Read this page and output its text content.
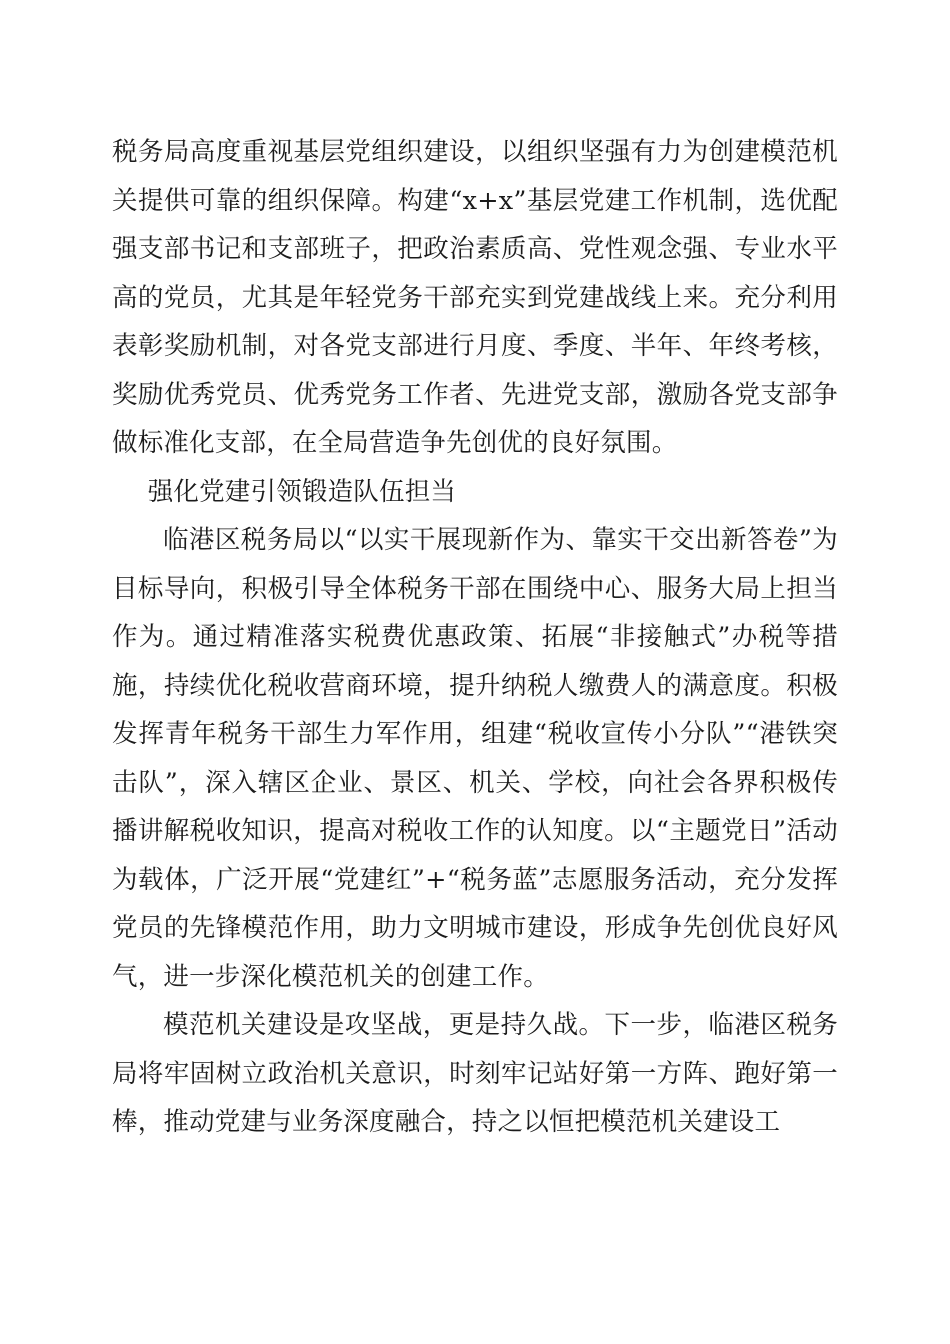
税务局高度重视基层党组织建设，以组织坚强有力为创建模范机关提供可靠的组织保障。构建“x+x”基层党建工作机制，选优配强支部书记和支部班子，把政治素质高、党性观念强、专业水平高的党员，尤其是年轻党务干部充实到党建战线上来。充分利用表彰奖励机制，对各党支部进行月度、季度、半年、年终考核，奖励优秀党员、优秀党务工作者、先进党支部，激励各党支部争做标准化支部，在全局营造争先创优的良好氛围。

强化党建引领锻造队伍担当

临港区税务局以“以实干展现新作为、靠实干交出新答卷”为目标导向，积极引导全体税务干部在围绕中心、服务大局上担当作为。通过精准落实税费优惠政策、拓展“非接触式”办税等措施，持续优化税收营商环境，提升纳税人缴费人的满意度。积极发挥青年税务干部生力军作用，组建“税收宣传小分队”“港铁突击队”，深入辖区企业、景区、机关、学校，向社会各界积极传播讲解税收知识，提高对税收工作的认知度。以“主题党日”活动为载体，广泛开展“党建红”+“税务蓝”志愿服务活动，充分发挥党员的先锋模范作用，助力文明城市建设，形成争先创优良好风气，进一步深化模范机关的创建工作。

模范机关建设是攻坚战，更是持久战。下一步，临港区税务局将牢固树立政治机关意识，时刻牢记站好第一方阵、跑好第一棒，推动党建与业务深度融合，持之以恒把模范机关建设工
